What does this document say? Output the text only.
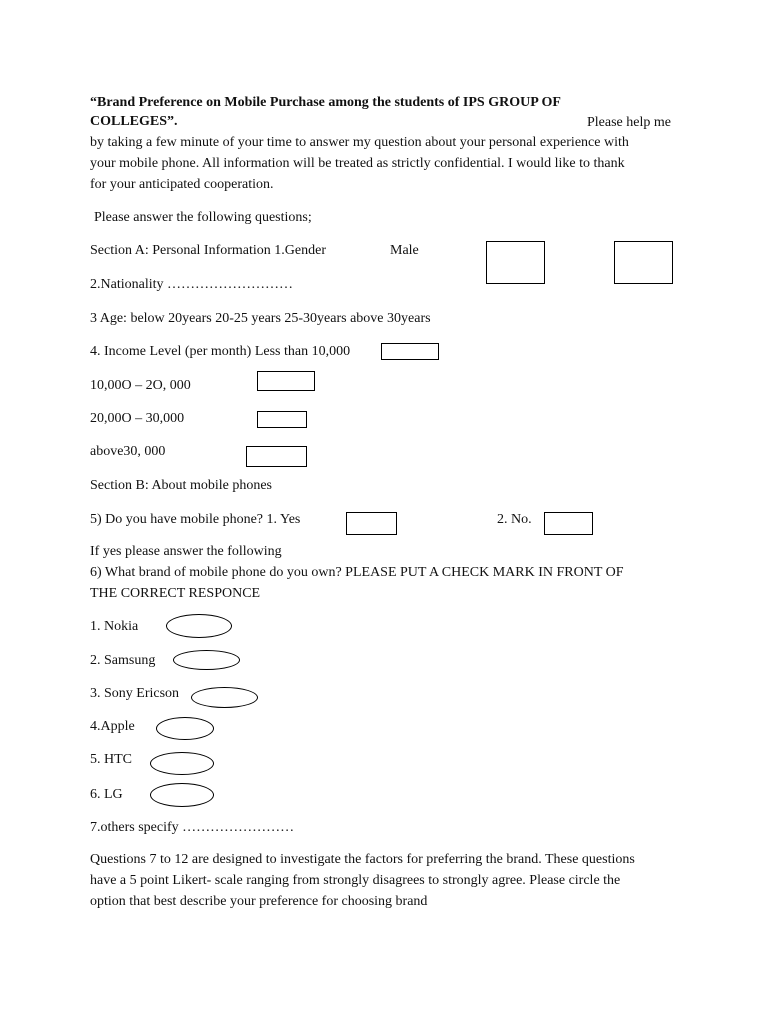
“Brand Preference on Mobile Purchase among the students of IPS GROUP OF
COLLEGES”.	Please help me
by taking a few minute of your time to answer my question about your personal experience with
your mobile phone. All information will be treated as strictly confidential. I would like to thank
for your anticipated cooperation.
Please answer the following questions;
Section A: Personal Information 1.Gender	Male
2.Nationality ………………………
3 Age: below 20years 20-25 years 25-30years above 30years
4. Income Level (per month) Less than 10,000
10,00O – 2O, 000
20,00O – 30,000
above30, 000
Section B: About mobile phones
5) Do you have mobile phone? 1. Yes	2. No.
If yes please answer the following
6) What brand of mobile phone do you own? PLEASE PUT A CHECK MARK IN FRONT OF
THE CORRECT RESPONCE
1. Nokia
2. Samsung
3. Sony Ericson
4.Apple
5. HTC
6. LG
7.others specify ……………………
Questions 7 to 12 are designed to investigate the factors for preferring the brand. These questions
have a 5 point Likert- scale ranging from strongly disagrees to strongly agree. Please circle the
option that best describe your preference for choosing brand
